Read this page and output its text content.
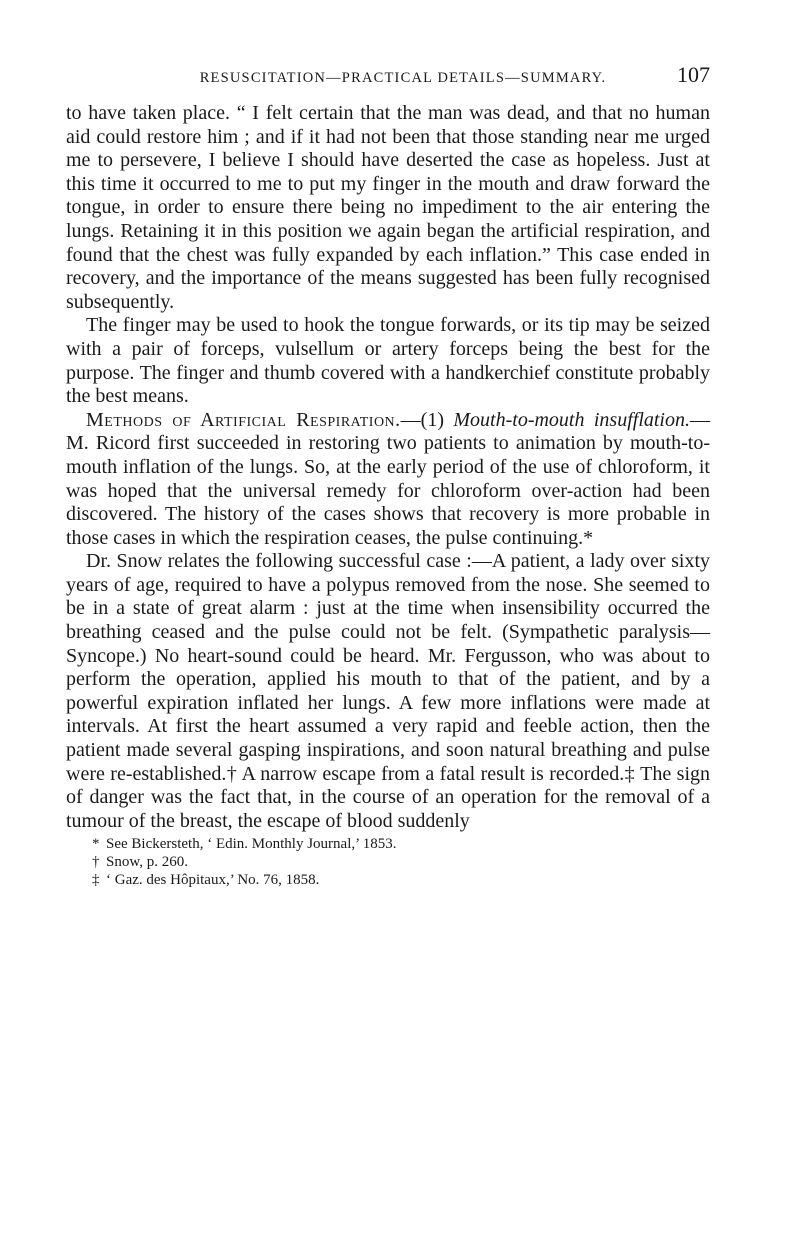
RESUSCITATION—PRACTICAL DETAILS—SUMMARY.	107

to have taken place. “ I felt certain that the man was dead, and that no human aid could restore him ; and if it had not been that those standing near me urged me to persevere, I believe I should have deserted the case as hopeless. Just at this time it occurred to me to put my finger in the mouth and draw forward the tongue, in order to ensure there being no impediment to the air entering the lungs. Retaining it in this position we again began the artificial respiration, and found that the chest was fully expanded by each inflation.” This case ended in recovery, and the importance of the means suggested has been fully recognised subsequently.

The finger may be used to hook the tongue forwards, or its tip may be seized with a pair of forceps, vulsellum or artery forceps being the best for the purpose. The finger and thumb covered with a handkerchief constitute probably the best means.

Methods of Artificial Respiration.—(1) Mouth-to-mouth insufflation.—M. Ricord first succeeded in restoring two patients to animation by mouth-to-mouth inflation of the lungs. So, at the early period of the use of chloroform, it was hoped that the universal remedy for chloroform over-action had been discovered. The history of the cases shows that recovery is more probable in those cases in which the respiration ceases, the pulse continuing.*

Dr. Snow relates the following successful case :—A patient, a lady over sixty years of age, required to have a polypus removed from the nose. She seemed to be in a state of great alarm : just at the time when insensibility occurred the breathing ceased and the pulse could not be felt. (Sympathetic paralysis—Syncope.) No heart-sound could be heard. Mr. Fergusson, who was about to perform the operation, applied his mouth to that of the patient, and by a powerful expiration inflated her lungs. A few more inflations were made at intervals. At first the heart assumed a very rapid and feeble action, then the patient made several gasping inspirations, and soon natural breathing and pulse were re-established.† A narrow escape from a fatal result is recorded.‡ The sign of danger was the fact that, in the course of an operation for the removal of a tumour of the breast, the escape of blood suddenly

* See Bickersteth, ‘ Edin. Monthly Journal,’ 1853.
† Snow, p. 260.
‡ ‘ Gaz. des Hôpitaux,’ No. 76, 1858.
